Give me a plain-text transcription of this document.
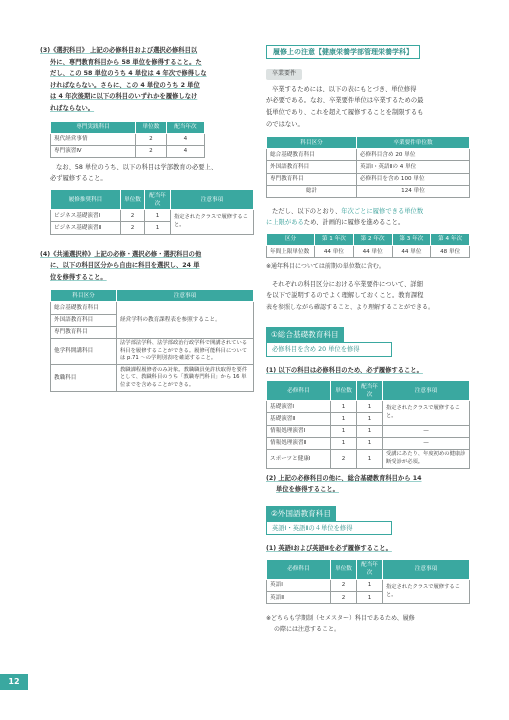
(3)《選択科目》 上記の必修科目および選択必修科目以
外に、専門教育科目から 58 単位を修得すること。た
だし、この 58 単位のうち 4 単位は 4 年次で修得しな
ければならない。さらに、この 4 単位のうち 2 単位
は 4 年次後期に以下の科目のいずれかを履修しなけ
ればならない。
専門実践科目	単位数	配当年次
現代経営事情	2	4
専門演習Ⅳ	2	4
なお、58 単位のうち、以下の科目は学部教育の必要上、
必ず履修すること。
履修推奨科目	単位数	配当年次	注意事項
ビジネス基礎演習Ⅰ	2	1	指定されたクラスで履修すること。
ビジネス基礎演習Ⅱ	2	1	
(4)《共通選択枠》上記の必修・選択必修・選択科目の他
に、以下の科目区分から自由に科目を選択し、24 単
位を修得すること。
科目区分	注意事項
総合基礎教育科目	経営学科の教育課程表を参照すること。
外国語教育科目	
専門教育科目	
他学科開講科目	法学部法学科、法学部政治行政学科で開講されている科目を履修することができる。履修可能科目については p.71 〜の学則別表Ⅰを確認すること。
教職科目	教職課程履修者のみ対象。教職職員免許状取得を要件として、教職科目のうち「教職専門科目」から 16 単位までを含めることができる。
履修上の注意【健康栄養学部管理栄養学科】
卒業要件
卒業するためには、以下の表にもとづき、単位修得
が必要である。なお、卒業要件単位は卒業するための最
低単位であり、これを超えて履修することを制限するも
のではない。
科目区分	卒業要件単位数
総合基礎教育科目	必修科目含め 20 単位
外国語教育科目	英語Ⅰ・英語Ⅱの 4 単位
専門教育科目	必修科目を含め 100 単位
総計	124 単位
ただし、以下のとおり、年次ごとに履修できる単位数
に上限があるため、計画的に履修を進めること。
区分	第 1 年次	第 2 年次	第 3 年次	第 4 年次
年間上限単位数	44 単位	44 単位	44 単位	48 単位
※通年科目については前期の単位数に含む。
それぞれの科目区分における卒業要件について、詳細
を以下で説明するのでよく理解しておくこと。教育課程
表を参照しながら確認すること、より理解することができる。
①総合基礎教育科目
必修科目を含め 20 単位を修得
(1) 以下の科目は必修科目のため、必ず履修すること。
必修科目	単位数	配当年次	注意事項
基礎演習Ⅰ	1	1	指定されたクラスで履修すること。
基礎演習Ⅱ	1	1	
情報処理演習Ⅰ	1	1	—
情報処理演習Ⅱ	1	1	—
スポーツと健康Ⅰ	2	1	受講にあたり、年度初めの健康診断受診が必須。
(2) 上記の必修科目の他に、総合基礎教育科目から 14
単位を修得すること。
②外国語教育科目
英語Ⅰ・英語Ⅱの４単位を修得
(1) 英語Ⅰおよび英語Ⅱを必ず履修すること。
必修科目	単位数	配当年次	注意事項
英語Ⅰ	2	1	指定されたクラスで履修すること。
英語Ⅱ	2	1	
※どちらも学期制（セメスター）科目であるため、履修
の際には注意すること。
12
